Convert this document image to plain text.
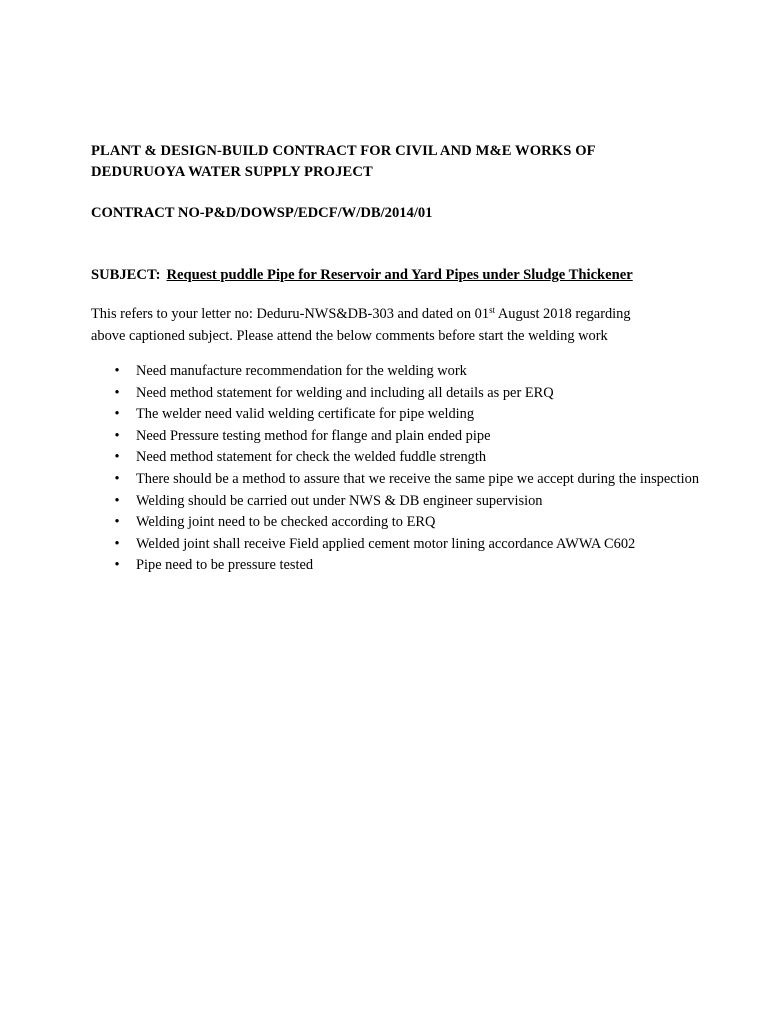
PLANT & DESIGN-BUILD CONTRACT FOR CIVIL AND M&E WORKS OF
DEDURUOYA WATER SUPPLY PROJECT
CONTRACT NO-P&D/DOWSP/EDCF/W/DB/2014/01
SUBJECT: Request puddle Pipe for Reservoir and Yard Pipes under Sludge Thickener
This refers to your letter no: Deduru-NWS&DB-303 and dated on 01st August 2018 regarding
above captioned subject. Please attend the below comments before start the welding work
• Need manufacture recommendation for the welding work
• Need method statement for welding and including all details as per ERQ
• The welder need valid welding certificate for pipe welding
• Need Pressure testing method for flange and plain ended pipe
• Need method statement for check the welded fuddle strength
• There should be a method to assure that we receive the same pipe we accept during the inspection
• Welding should be carried out under NWS & DB engineer supervision
• Welding joint need to be checked according to ERQ
• Welded joint shall receive Field applied cement motor lining accordance AWWA C602
• Pipe need to be pressure tested
